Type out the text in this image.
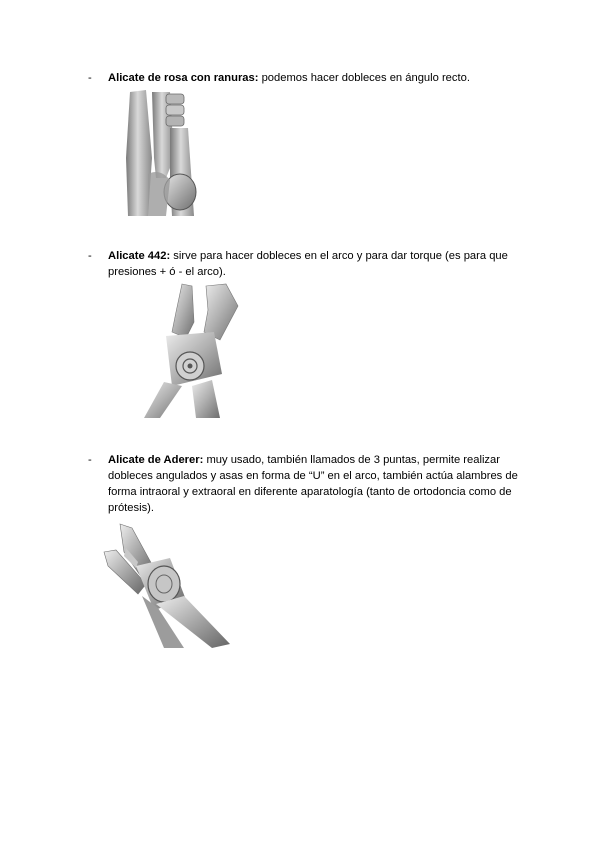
- Alicate de rosa con ranuras: podemos hacer dobleces en ángulo recto.
- Alicate 442: sirve para hacer dobleces en el arco y para dar torque (es para que presiones + ó - el arco).
- Alicate de Aderer: muy usado, también llamados de 3 puntas, permite realizar dobleces angulados y asas en forma de “U” en el arco, también actúa alambres de forma intraoral y extraoral en diferente aparatología (tanto de ortodoncia como de prótesis).
